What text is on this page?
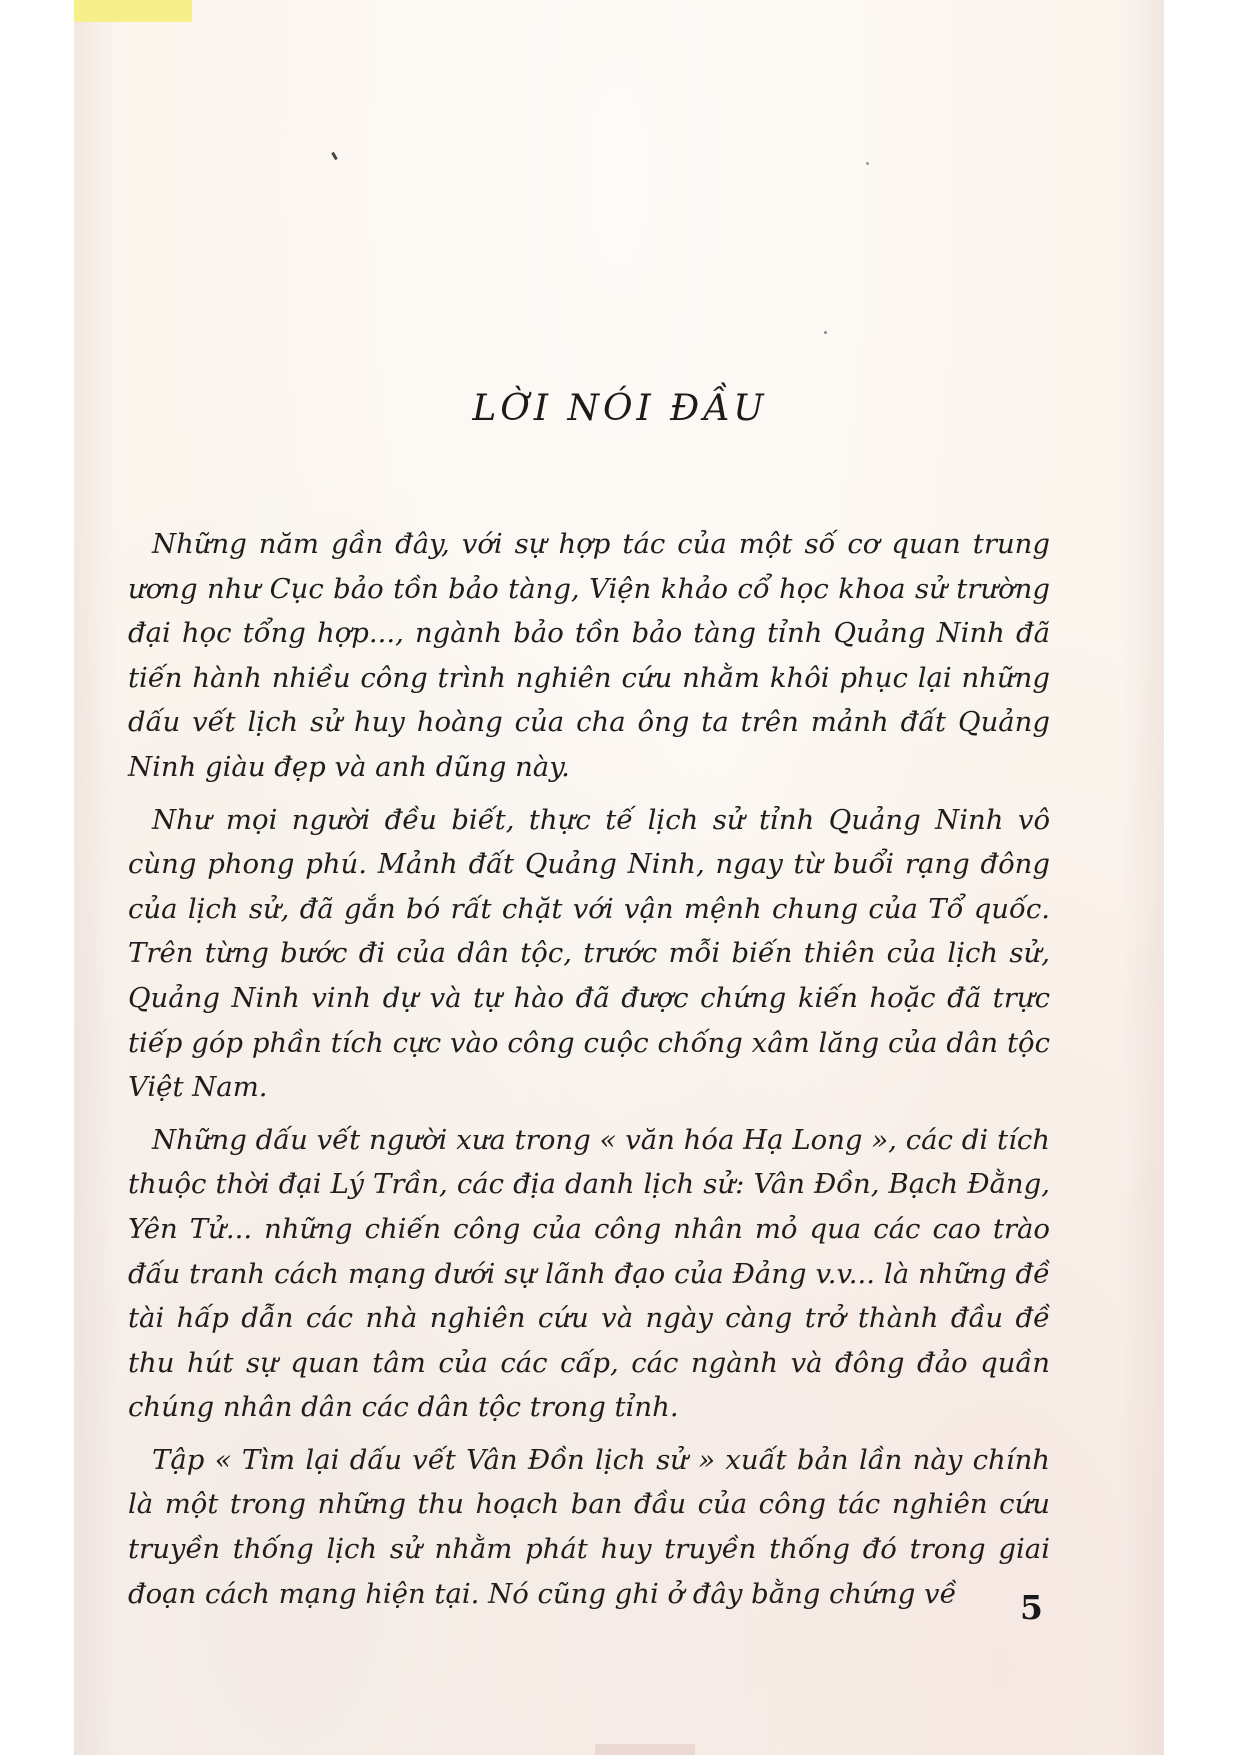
LỜI NÓI ĐẦU

Những năm gần đây, với sự hợp tác của một số cơ quan trung ương như Cục bảo tồn bảo tàng, Viện khảo cổ học khoa sử trường đại học tổng hợp..., ngành bảo tồn bảo tàng tỉnh Quảng Ninh đã tiến hành nhiều công trình nghiên cứu nhằm khôi phục lại những dấu vết lịch sử huy hoàng của cha ông ta trên mảnh đất Quảng Ninh giàu đẹp và anh dũng này.

Như mọi người đều biết, thực tế lịch sử tỉnh Quảng Ninh vô cùng phong phú. Mảnh đất Quảng Ninh, ngay từ buổi rạng đông của lịch sử, đã gắn bó rất chặt với vận mệnh chung của Tổ quốc. Trên từng bước đi của dân tộc, trước mỗi biến thiên của lịch sử, Quảng Ninh vinh dự và tự hào đã được chứng kiến hoặc đã trực tiếp góp phần tích cực vào công cuộc chống xâm lăng của dân tộc Việt Nam.

Những dấu vết người xưa trong « văn hóa Hạ Long », các di tích thuộc thời đại Lý Trần, các địa danh lịch sử: Vân Đồn, Bạch Đằng, Yên Tử... những chiến công của công nhân mỏ qua các cao trào đấu tranh cách mạng dưới sự lãnh đạo của Đảng v.v... là những đề tài hấp dẫn các nhà nghiên cứu và ngày càng trở thành đầu đề thu hút sự quan tâm của các cấp, các ngành và đông đảo quần chúng nhân dân các dân tộc trong tỉnh.

Tập « Tìm lại dấu vết Vân Đồn lịch sử » xuất bản lần này chính là một trong những thu hoạch ban đầu của công tác nghiên cứu truyền thống lịch sử nhằm phát huy truyền thống đó trong giai đoạn cách mạng hiện tại. Nó cũng ghi ở đây bằng chứng về	5
